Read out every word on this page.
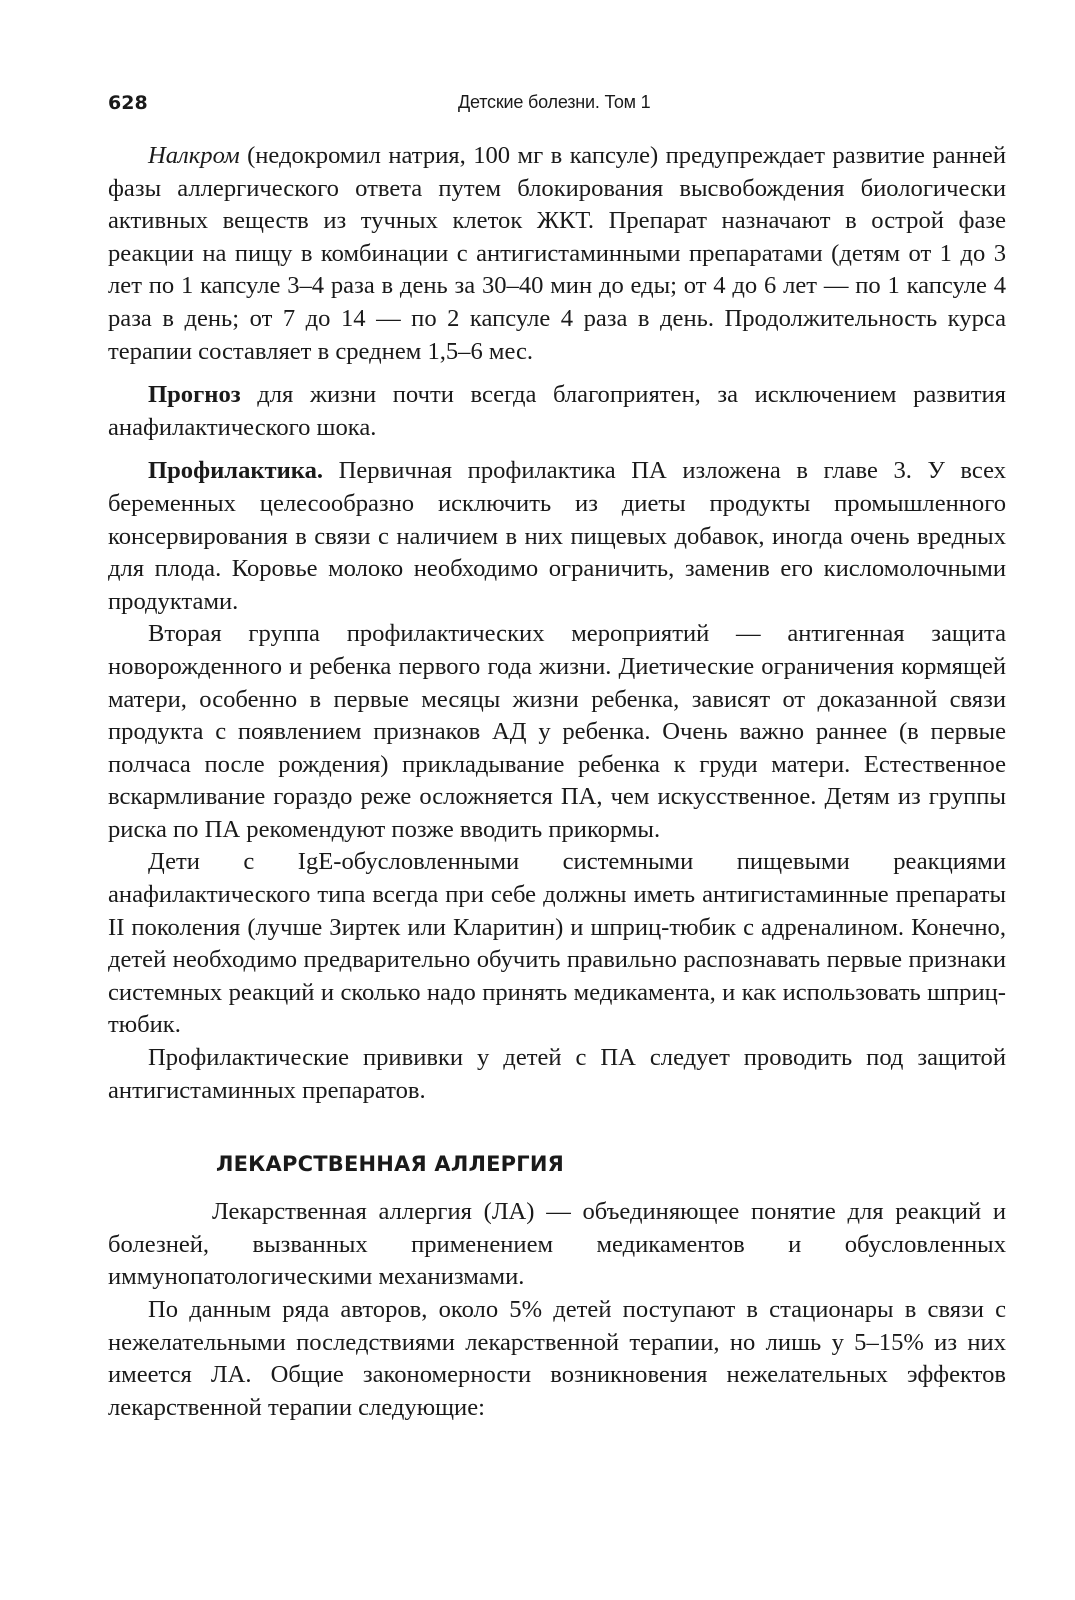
628	Детские болезни. Том 1

Налкром (недокромил натрия, 100 мг в капсуле) предупреждает развитие ранней фазы аллергического ответа путем блокирования высвобождения биологически активных веществ из тучных клеток ЖКТ. Препарат назначают в острой фазе реакции на пищу в комбинации с антигистаминными препаратами (детям от 1 до 3 лет по 1 капсуле 3–4 раза в день за 30–40 мин до еды; от 4 до 6 лет — по 1 капсуле 4 раза в день; от 7 до 14 — по 2 капсуле 4 раза в день. Продолжительность курса терапии составляет в среднем 1,5–6 мес.

Прогноз для жизни почти всегда благоприятен, за исключением развития анафилактического шока.

Профилактика. Первичная профилактика ПА изложена в главе 3. У всех беременных целесообразно исключить из диеты продукты промышленного консервирования в связи с наличием в них пищевых добавок, иногда очень вредных для плода. Коровье молоко необходимо ограничить, заменив его кисломолочными продуктами.

Вторая группа профилактических мероприятий — антигенная защита новорожденного и ребенка первого года жизни. Диетические ограничения кормящей матери, особенно в первые месяцы жизни ребенка, зависят от доказанной связи продукта с появлением признаков АД у ребенка. Очень важно раннее (в первые полчаса после рождения) прикладывание ребенка к груди матери. Естественное вскармливание гораздо реже осложняется ПА, чем искусственное. Детям из группы риска по ПА рекомендуют позже вводить прикормы.

Дети с IgE-обусловленными системными пищевыми реакциями анафилактического типа всегда при себе должны иметь антигистаминные препараты II поколения (лучше Зиртек или Кларитин) и шприц-тюбик с адреналином. Конечно, детей необходимо предварительно обучить правильно распознавать первые признаки системных реакций и сколько надо принять медикамента, и как использовать шприц-тюбик.

Профилактические прививки у детей с ПА следует проводить под защитой антигистаминных препаратов.

ЛЕКАРСТВЕННАЯ АЛЛЕРГИЯ

Лекарственная аллергия (ЛА) — объединяющее понятие для реакций и болезней, вызванных применением медикаментов и обусловленных иммунопатологическими механизмами.

По данным ряда авторов, около 5% детей поступают в стационары в связи с нежелательными последствиями лекарственной терапии, но лишь у 5–15% из них имеется ЛА. Общие закономерности возникновения нежелательных эффектов лекарственной терапии следующие:
